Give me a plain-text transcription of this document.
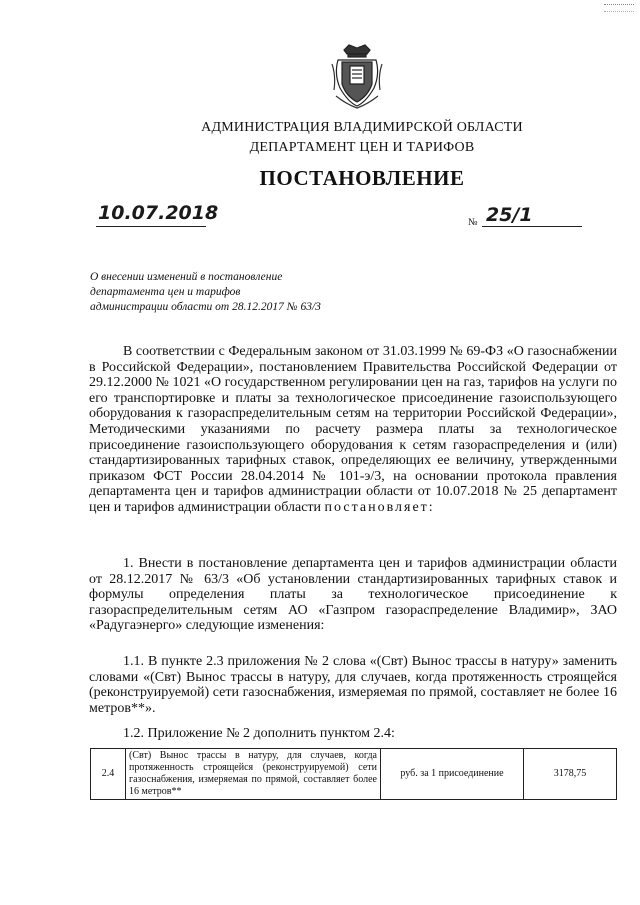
АДМИНИСТРАЦИЯ ВЛАДИМИРСКОЙ ОБЛАСТИ
ДЕПАРТАМЕНТ ЦЕН И ТАРИФОВ
ПОСТАНОВЛЕНИЕ
10.07.2018	№ 25/1
О внесении изменений в постановление
департамента цен и тарифов
администрации области от 28.12.2017 № 63/3

В соответствии с Федеральным законом от 31.03.1999 № 69-ФЗ «О газоснабжении в Российской Федерации», постановлением Правительства Российской Федерации от 29.12.2000 № 1021 «О государственном регулировании цен на газ, тарифов на услуги по его транспортировке и платы за технологическое присоединение газоиспользующего оборудования к газораспределительным сетям на территории Российской Федерации», Методическими указаниями по расчету размера платы за технологическое присоединение газоиспользующего оборудования к сетям газораспределения и (или) стандартизированных тарифных ставок, определяющих ее величину, утвержденными приказом ФСТ России 28.04.2014 № 101-э/3, на основании протокола правления департамента цен и тарифов администрации области от 10.07.2018 № 25 департамент цен и тарифов администрации области постановляет:

1. Внести в постановление департамента цен и тарифов администрации области от 28.12.2017 № 63/3 «Об установлении стандартизированных тарифных ставок и формулы определения платы за технологическое присоединение к газораспределительным сетям АО «Газпром газораспределение Владимир», ЗАО «Радугаэнерго» следующие изменения:

1.1. В пункте 2.3 приложения № 2 слова «(Свт) Вынос трассы в натуру» заменить словами «(Свт) Вынос трассы в натуру, для случаев, когда протяженность строящейся (реконструируемой) сети газоснабжения, измеряемая по прямой, составляет не более 16 метров**».

1.2. Приложение № 2 дополнить пунктом 2.4:

2.4	(Свт) Вынос трассы в натуру, для случаев, когда протяженность строящейся (реконструируемой) сети газоснабжения, измеряемая по прямой, составляет более 16 метров**	руб. за 1 присоединение	3178,75
